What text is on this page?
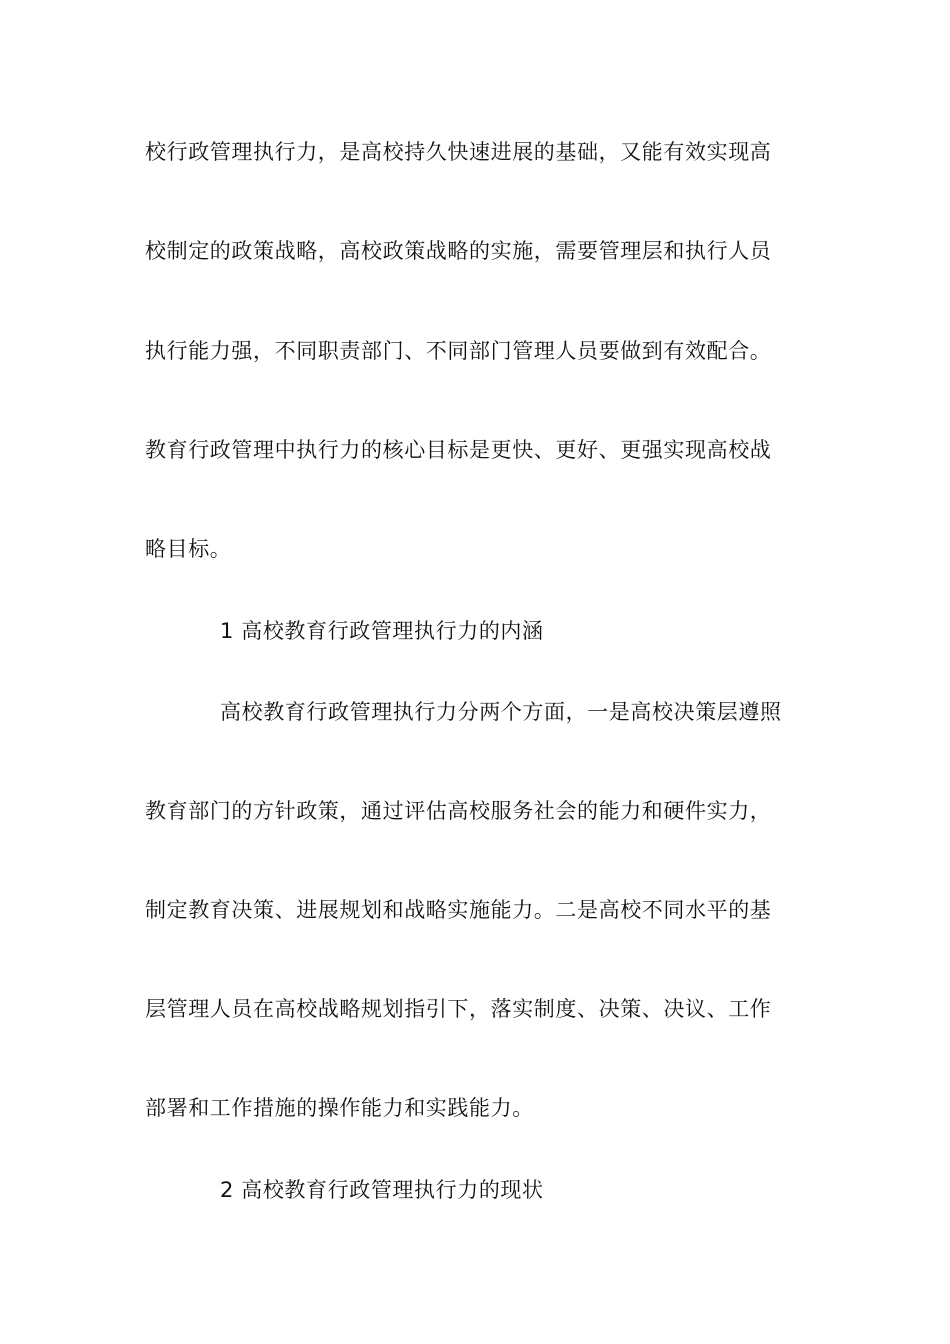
校行政管理执行力，是高校持久快速进展的基础，又能有效实现高
校制定的政策战略，高校政策战略的实施，需要管理层和执行人员
执行能力强，不同职责部门、不同部门管理人员要做到有效配合。
教育行政管理中执行力的核心目标是更快、更好、更强实现高校战
略目标。
1 高校教育行政管理执行力的内涵
高校教育行政管理执行力分两个方面，一是高校决策层遵照
教育部门的方针政策，通过评估高校服务社会的能力和硬件实力，
制定教育决策、进展规划和战略实施能力。二是高校不同水平的基
层管理人员在高校战略规划指引下，落实制度、决策、决议、工作
部署和工作措施的操作能力和实践能力。
2 高校教育行政管理执行力的现状
